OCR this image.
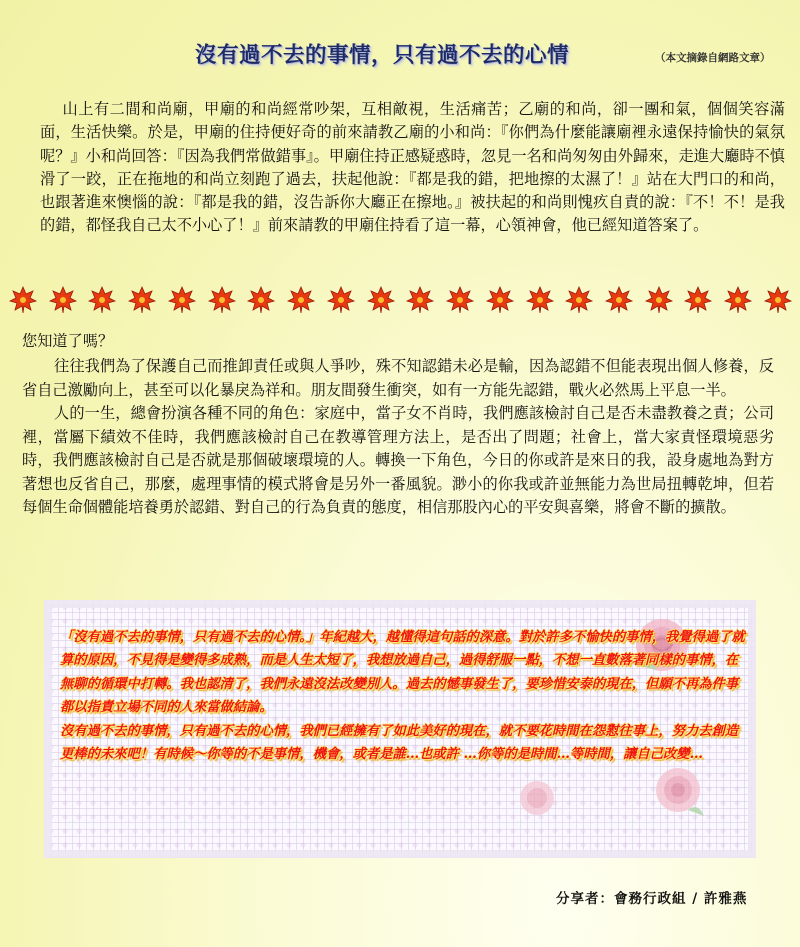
沒有過不去的事情，只有過不去的心情	（本文摘錄自網路文章）
山上有二間和尚廟，甲廟的和尚經常吵架，互相敵視，生活痛苦；乙廟的和尚，卻一團和氣，個個笑容滿面，生活快樂。於是，甲廟的住持便好奇的前來請教乙廟的小和尚：『你們為什麼能讓廟裡永遠保持愉快的氣氛呢？』小和尚回答：『因為我們常做錯事』。甲廟住持正感疑惑時，忽見一名和尚匆匆由外歸來，走進大廳時不慎滑了一跤，正在拖地的和尚立刻跑了過去，扶起他說：『都是我的錯，把地擦的太濕了！』站在大門口的和尚，也跟著進來懊惱的說：『都是我的錯，沒告訴你大廳正在擦地。』被扶起的和尚則愧疚自責的說：『不！不！是我的錯，都怪我自己太不小心了！』前來請教的甲廟住持看了這一幕，心領神會，他已經知道答案了。
您知道了嗎？

往往我們為了保護自己而推卸責任或與人爭吵，殊不知認錯未必是輸，因為認錯不但能表現出個人修養，反省自己激勵向上，甚至可以化暴戾為祥和。朋友間發生衝突，如有一方能先認錯，戰火必然馬上平息一半。

人的一生，總會扮演各種不同的角色：家庭中，當子女不肖時，我們應該檢討自己是否未盡教養之責；公司裡，當屬下績效不佳時，我們應該檢討自己在教導管理方法上，是否出了問題；社會上，當大家責怪環境惡劣時，我們應該檢討自己是否就是那個破壞環境的人。轉換一下角色，今日的你或許是來日的我，設身處地為對方著想也反省自己，那麼，處理事情的模式將會是另外一番風貌。渺小的你我或許並無能力為世局扭轉乾坤，但若每個生命個體能培養勇於認錯、對自己的行為負責的態度，相信那股內心的平安與喜樂，將會不斷的擴散。

「沒有過不去的事情，只有過不去的心情。」年紀越大，越懂得這句話的深意。對於許多不愉快的事情，我覺得過了就算的原因，不見得是變得多成熟，而是人生太短了，我想放過自己，過得舒服一點，不想一直數落著同樣的事情，在無聊的循環中打轉。我也認清了，我們永遠沒法改變別人。過去的憾事發生了，要珍惜安泰的現在，但願不再為件事都以指責立場不同的人來當做結論。

沒有過不去的事情，只有過不去的心情，我們已經擁有了如此美好的現在，就不要花時間在怨懟往事上，努力去創造更棒的未來吧！有時候～你等的不是事情，機會，或者是誰…也或許 …你等的是時間…等時間，讓自己改變…

分享者：會務行政組 / 許雅燕
